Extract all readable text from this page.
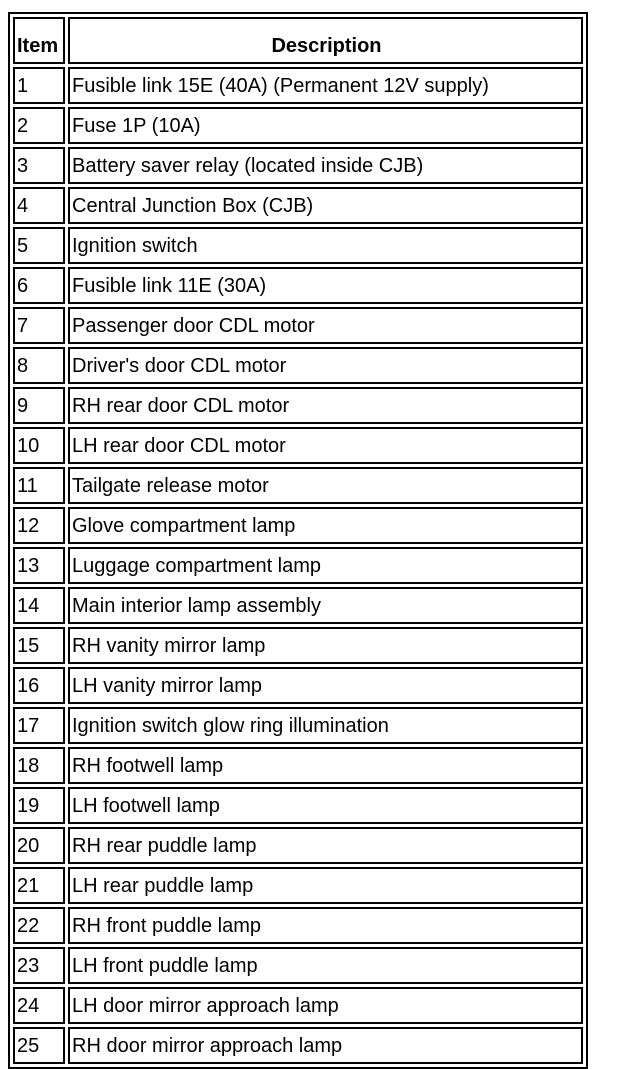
Item	Description
1	Fusible link 15E (40A) (Permanent 12V supply)
2	Fuse 1P (10A)
3	Battery saver relay (located inside CJB)
4	Central Junction Box (CJB)
5	Ignition switch
6	Fusible link 11E (30A)
7	Passenger door CDL motor
8	Driver's door CDL motor
9	RH rear door CDL motor
10	LH rear door CDL motor
11	Tailgate release motor
12	Glove compartment lamp
13	Luggage compartment lamp
14	Main interior lamp assembly
15	RH vanity mirror lamp
16	LH vanity mirror lamp
17	Ignition switch glow ring illumination
18	RH footwell lamp
19	LH footwell lamp
20	RH rear puddle lamp
21	LH rear puddle lamp
22	RH front puddle lamp
23	LH front puddle lamp
24	LH door mirror approach lamp
25	RH door mirror approach lamp
